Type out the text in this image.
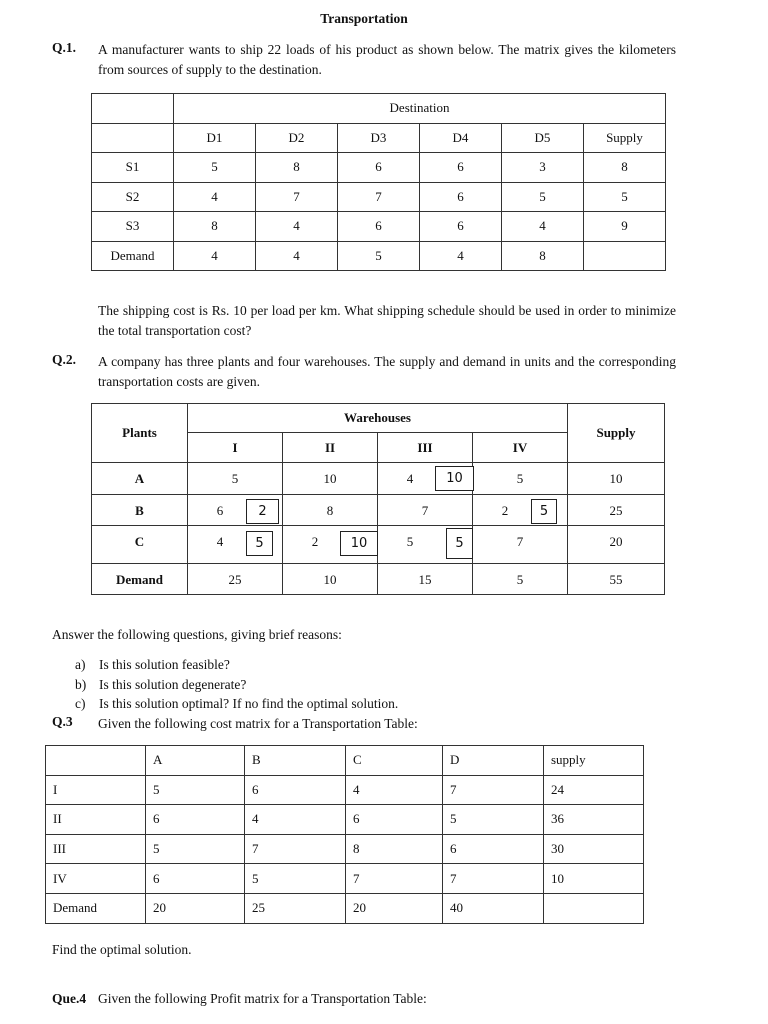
Transportation
Q.1. A manufacturer wants to ship 22 loads of his product as shown below. The matrix gives the kilometers from sources of supply to the destination.
	Destination					
	D1	D2	D3	D4	D5	Supply
S1	5	8	6	6	3	8
S2	4	7	7	6	5	5
S3	8	4	6	6	4	9
Demand	4	4	5	4	8	
The shipping cost is Rs. 10 per load per km. What shipping schedule should be used in order to minimize the total transportation cost?
Q.2. A company has three plants and four warehouses. The supply and demand in units and the corresponding transportation costs are given.
Plants	Warehouses				Supply
	I	II	III	IV	
A	5	10	4 10	5	10
B	6 2	8	7	2 5	25
C	4 5	2 10	5 5	7	20
Demand	25	10	15	5	55
Answer the following questions, giving brief reasons:
a) Is this solution feasible?
b) Is this solution degenerate?
c) Is this solution optimal? If no find the optimal solution.
Q.3 Given the following cost matrix for a Transportation Table:
	A	B	C	D	supply
I	5	6	4	7	24
II	6	4	6	5	36
III	5	7	8	6	30
IV	6	5	7	7	10
Demand	20	25	20	40	
Find the optimal solution.
Que.4 Given the following Profit matrix for a Transportation Table:
